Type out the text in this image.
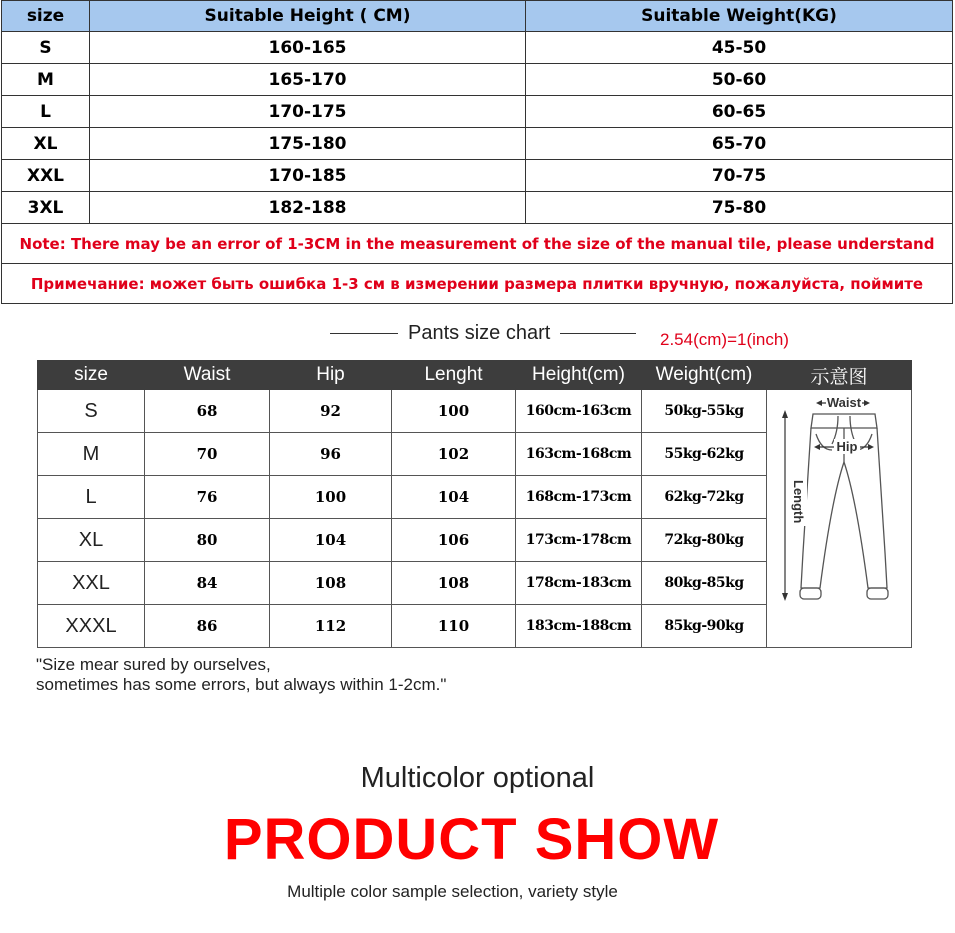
size	Suitable Height ( CM)	Suitable Weight(KG)
S	160-165	45-50
M	165-170	50-60
L	170-175	60-65
XL	175-180	65-70
XXL	170-185	70-75
3XL	182-188	75-80
Note: There may be an error of 1-3CM in the measurement of the size of the manual tile, please understand		
Примечание: может быть ошибка 1-3 см в измерении размера плитки вручную, пожалуйста, поймите		
Pants size chart	2.54(cm)=1(inch)
size	Waist	Hip	Lenght	Height(cm)	Weight(cm)	示意图
S	68	92	100	160cm-163cm	50kg-55kg	Waist
Hip
Length

M	70	96	102	163cm-168cm	55kg-62kg	
L	76	100	104	168cm-173cm	62kg-72kg	
XL	80	104	106	173cm-178cm	72kg-80kg	
XXL	84	108	108	178cm-183cm	80kg-85kg	
XXXL	86	112	110	183cm-188cm	85kg-90kg	
"Size mear sured by ourselves,
sometimes has some errors, but always within 1-2cm."
Multicolor optional
PRODUCT SHOW
Multiple color sample selection, variety style
